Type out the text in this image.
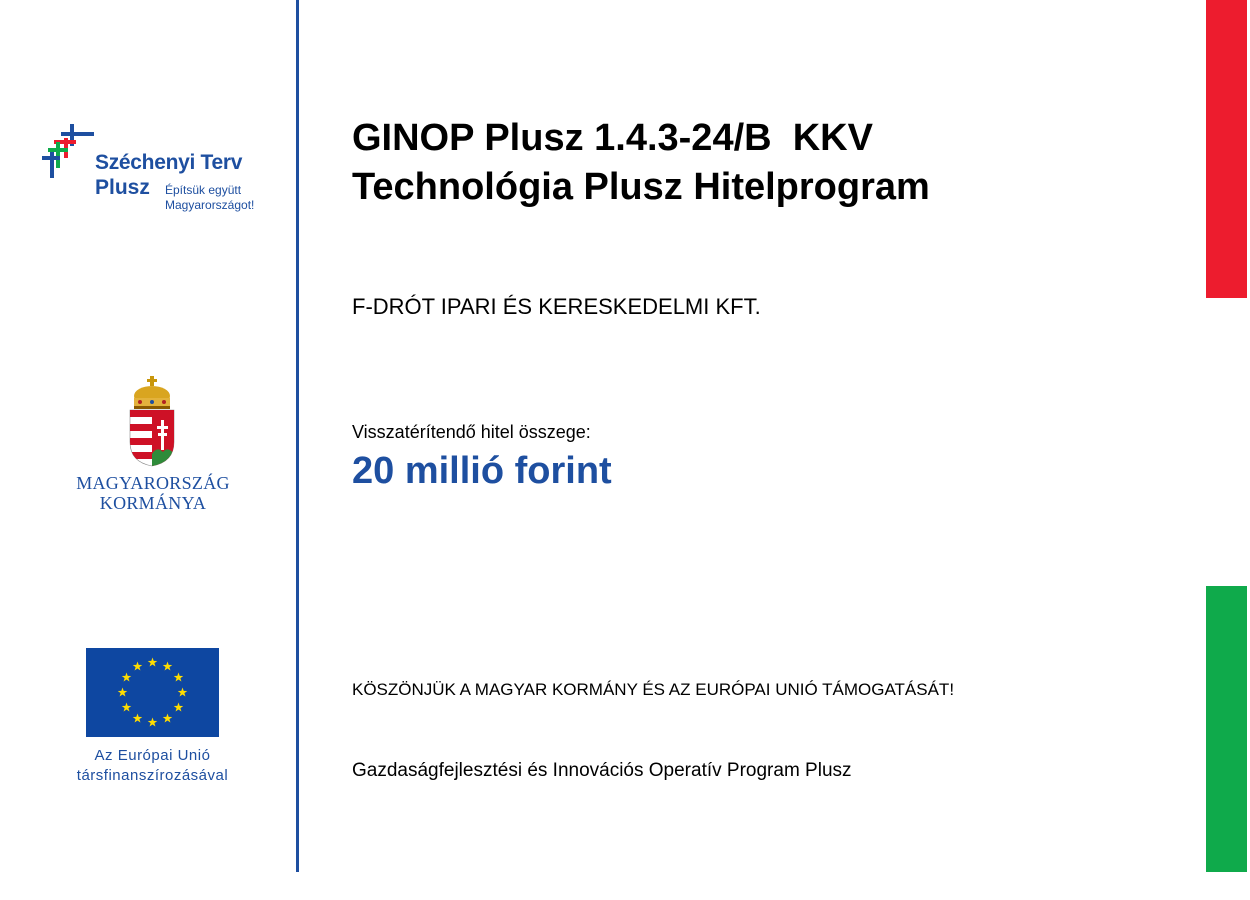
Széchenyi Terv
Plusz Építsük együtt
Magyarországot!
MAGYARORSZÁG
KORMÁNYA
Az Európai Unió
társfinanszírozásával
GINOP Plusz 1.4.3-24/B  KKV
Technológia Plusz Hitelprogram
F-DRÓT IPARI ÉS KERESKEDELMI KFT.
Visszatérítendő hitel összege:
20 millió forint
KÖSZÖNJÜK A MAGYAR KORMÁNY ÉS AZ EURÓPAI UNIÓ TÁMOGATÁSÁT!
Gazdaságfejlesztési és Innovációs Operatív Program Plusz
